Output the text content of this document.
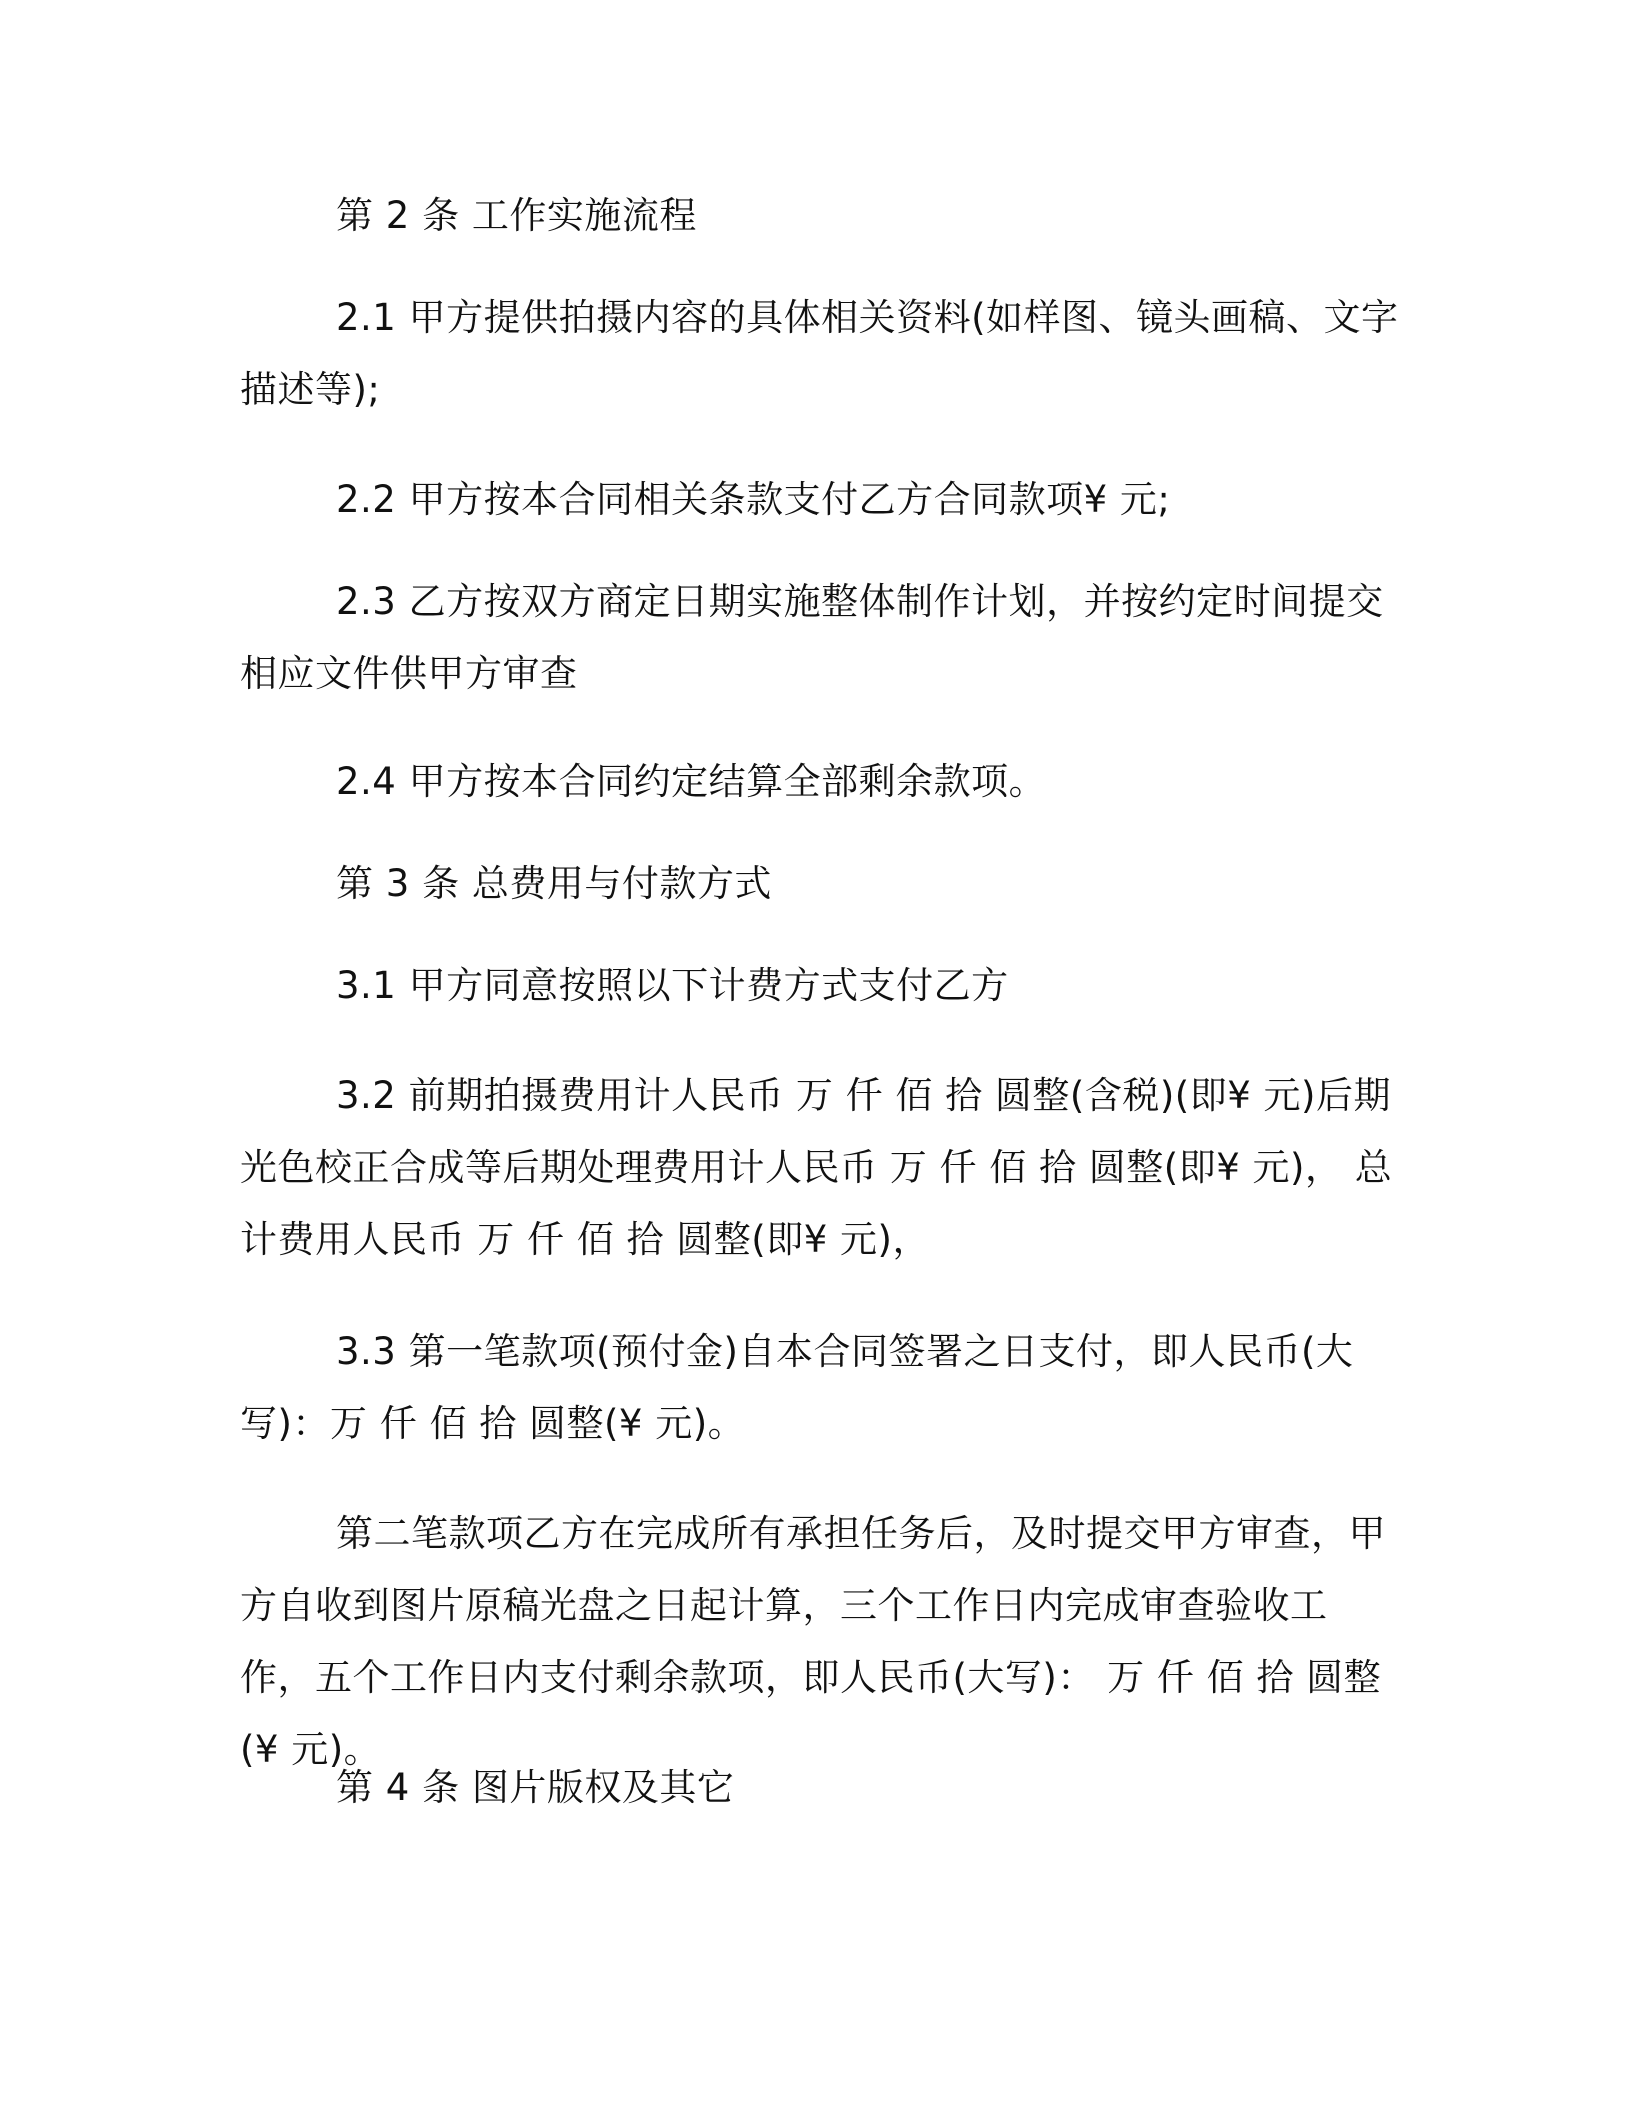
第 2 条 工作实施流程

2.1 甲方提供拍摄内容的具体相关资料(如样图、镜头画稿、文字描述等);

2.2 甲方按本合同相关条款支付乙方合同款项¥ 元;

2.3 乙方按双方商定日期实施整体制作计划，并按约定时间提交相应文件供甲方审查

2.4 甲方按本合同约定结算全部剩余款项。

第 3 条 总费用与付款方式

3.1 甲方同意按照以下计费方式支付乙方

3.2 前期拍摄费用计人民币 万 仟 佰 拾 圆整(含税)(即¥ 元)后期光色校正合成等后期处理费用计人民币 万 仟 佰 拾 圆整(即¥ 元)， 总计费用人民币 万 仟 佰 拾 圆整(即¥ 元)，

3.3 第一笔款项(预付金)自本合同签署之日支付，即人民币(大写)：万 仟 佰 拾 圆整(¥ 元)。

第二笔款项乙方在完成所有承担任务后，及时提交甲方审查，甲方自收到图片原稿光盘之日起计算，三个工作日内完成审查验收工作，五个工作日内支付剩余款项，即人民币(大写)： 万 仟 佰 拾 圆整(¥ 元)。

第 4 条 图片版权及其它
